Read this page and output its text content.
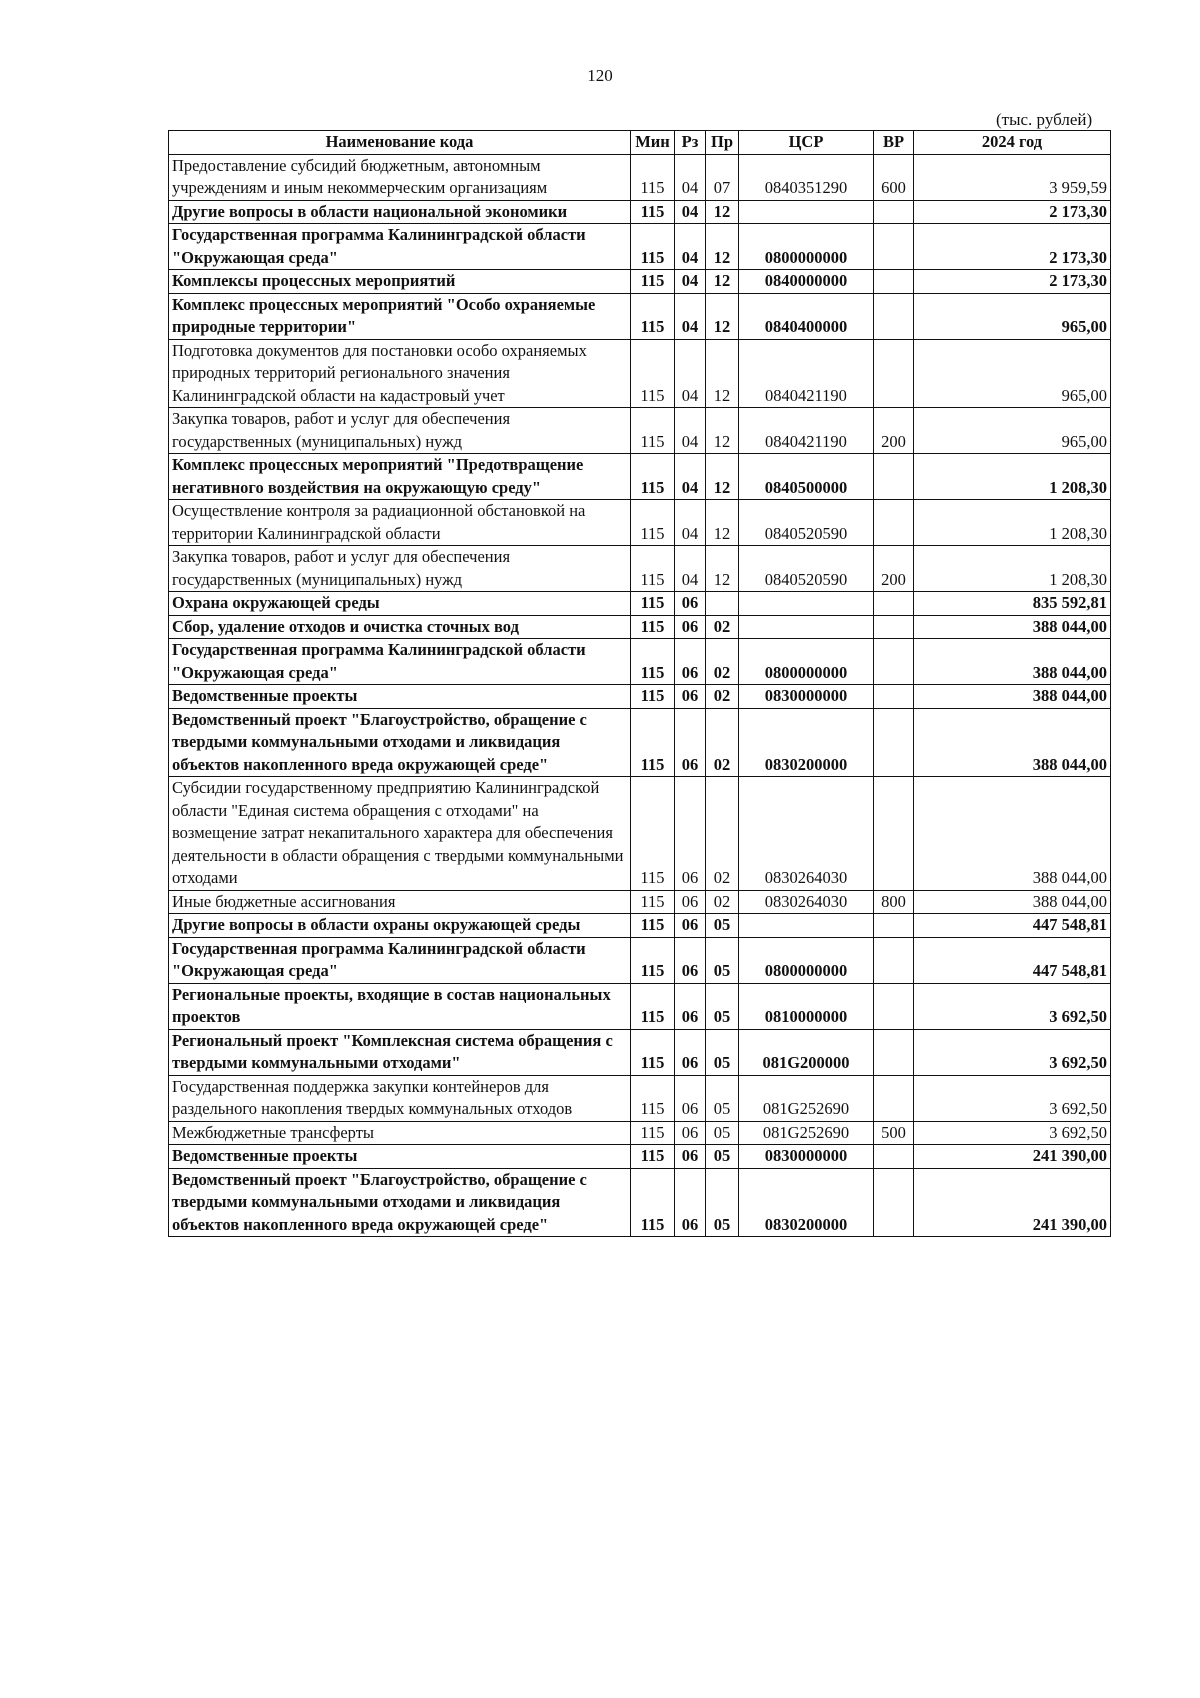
120
(тыс. рублей)
Наименование кода	Мин	Рз	Пр	ЦСР	ВР	2024 год
Предоставление субсидий бюджетным, автономным учреждениям и иным некоммерческим организациям	115	04	07	0840351290	600	3 959,59
Другие вопросы в области национальной экономики	115	04	12			2 173,30
Государственная программа Калининградской области "Окружающая среда"	115	04	12	0800000000		2 173,30
Комплексы процессных мероприятий	115	04	12	0840000000		2 173,30
Комплекс процессных мероприятий "Особо охраняемые природные территории"	115	04	12	0840400000		965,00
Подготовка документов для постановки особо охраняемых природных территорий регионального значения Калининградской области на кадастровый учет	115	04	12	0840421190		965,00
Закупка товаров, работ и услуг для обеспечения государственных (муниципальных) нужд	115	04	12	0840421190	200	965,00
Комплекс процессных мероприятий "Предотвращение негативного воздействия на окружающую среду"	115	04	12	0840500000		1 208,30
Осуществление контроля за радиационной обстановкой на территории Калининградской области	115	04	12	0840520590		1 208,30
Закупка товаров, работ и услуг для обеспечения государственных (муниципальных) нужд	115	04	12	0840520590	200	1 208,30
Охрана окружающей среды	115	06				835 592,81
Сбор, удаление отходов и очистка сточных вод	115	06	02			388 044,00
Государственная программа Калининградской области "Окружающая среда"	115	06	02	0800000000		388 044,00
Ведомственные проекты	115	06	02	0830000000		388 044,00
Ведомственный проект "Благоустройство, обращение с твердыми коммунальными отходами и ликвидация объектов накопленного вреда окружающей среде"	115	06	02	0830200000		388 044,00
Субсидии государственному предприятию Калининградской области "Единая система обращения с отходами" на возмещение затрат некапитального характера для обеспечения деятельности в области обращения с твердыми коммунальными отходами	115	06	02	0830264030		388 044,00
Иные бюджетные ассигнования	115	06	02	0830264030	800	388 044,00
Другие вопросы в области охраны окружающей среды	115	06	05			447 548,81
Государственная программа Калининградской области "Окружающая среда"	115	06	05	0800000000		447 548,81
Региональные проекты, входящие в состав национальных проектов	115	06	05	0810000000		3 692,50
Региональный проект "Комплексная система обращения с твердыми коммунальными отходами"	115	06	05	081G200000		3 692,50
Государственная поддержка закупки контейнеров для раздельного накопления твердых коммунальных отходов	115	06	05	081G252690		3 692,50
Межбюджетные трансферты	115	06	05	081G252690	500	3 692,50
Ведомственные проекты	115	06	05	0830000000		241 390,00
Ведомственный проект "Благоустройство, обращение с твердыми коммунальными отходами и ликвидация объектов накопленного вреда окружающей среде"	115	06	05	0830200000		241 390,00
